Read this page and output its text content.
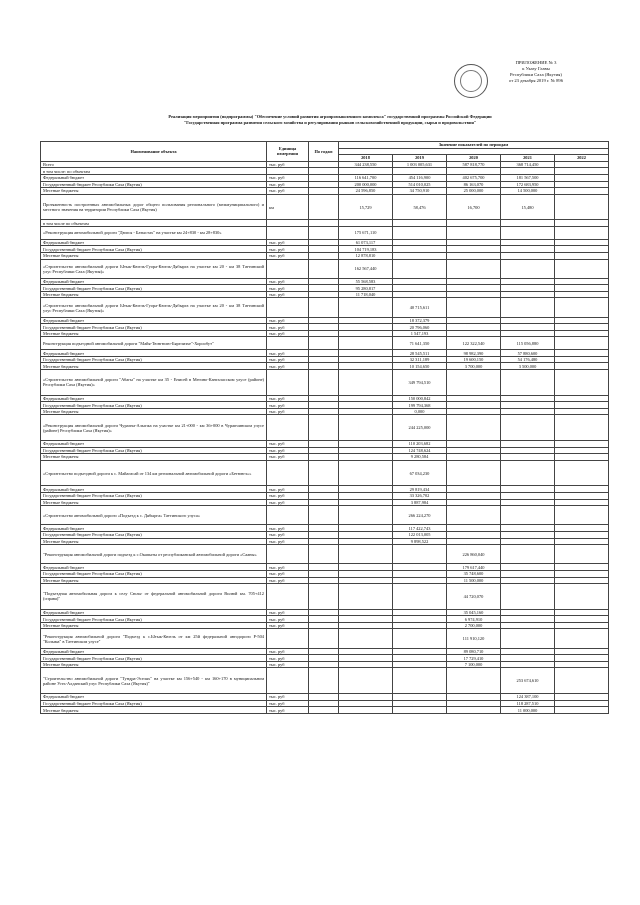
ПРИЛОЖЕНИЕ № 3
к Указу Главы
Республики Саха (Якутия)
от 23 декабря 2019 г. № 896
Реализация мероприятия (подпрограммы) "Обеспечение условий развития агропромышленного комплекса" государственной программы Российской Федерации "Государственная программа развития сельского хозяйства и регулирования рынков сельскохозяйственной продукции, сырья и продовольствия"
Наименование объекта	Единица измерения	По годам	Значение показателей по периодам				

			2018	2019	2020	2021	2022
Всего	тыс. руб		344 238,550	1 003 005,631	587 818,770	368 714,450	
в том числе: по объектам							
Федеральный бюджет	тыс. руб		116 641,700	454 116,900	402 675,700	181 567,500	
Государственный бюджет Республики Саха (Якутия)	тыс. руб		200 000,000	514 010,025	86 163,070	172 683,950	
Местные бюджеты	тыс. руб		24 596,850	34 750,910	25 000,000	14 500,000	
Протяженность построенных автомобильных дорог общего пользования регионального (межмуниципального) и местного значения на территории Республики Саха (Якутия)	км		15,729	58,476	16,700	15,480	
в том числе по объектам							
«Реконструкция автомобильной дороги "Дюпся - Батыстах" на участке км 24+830 - км 28+830»			175 671,110				
Федеральный бюджет	тыс. руб		61 073,117				
Государственный бюджет Республики Саха (Якутия)	тыс. руб		104 719,183				
Местные бюджеты	тыс. руб		12 878,810				
«Строительство автомобильной дороги Ытык-Кюель-Гуора-Кюель-Дябырга на участке км 20 - км 38 Таттинский улус Республики Саха (Якутия)»			162 567,440				
Федеральный бюджет	тыс. руб		55 568,583				
Государственный бюджет Республики Саха (Якутия)	тыс. руб		95 280,817				
Местные бюджеты	тыс. руб		11 718,040				
«Строительство автомобильной дороги Ытык-Кюель-Гуора-Кюель-Дябырга на участке км 20 - км 38 Таттинский улус Республики Саха (Якутия)»				40 715,611			
Федеральный бюджет	тыс. руб			18 372,379			
Государственный бюджет Республики Саха (Якутия)	тыс. руб			20 796,060			
Местные бюджеты	тыс. руб			1 547,193			
Реконструкция подъездной автомобильной дороги "Майя-Тюнгюлю-Бярелиэхе"-Хорообут"				71 641,350	122 322,540	115 056,880	
Федеральный бюджет	тыс. руб			28 545,511	98 982,390	57 880,600	
Государственный бюджет Республики Саха (Якутия)	тыс. руб			32 311,189	19 600,150	54 176,480	
Местные бюджеты	тыс. руб			10 154,650	3 700,000	3 500,000	
«Строительство автомобильной дороги "Абагы" на участке км 35 - Енисей в Мегино-Кангаласском улусе (районе) Республики Саха (Якутия)»				349 794,510			
Федеральный бюджет	тыс. руб			150 000,842			
Государственный бюджет Республики Саха (Якутия)	тыс. руб			199 794,368			
Местные бюджеты	тыс. руб			0,000			
«Реконструкция автомобильной дороги Чурапча-Алыгжа на участке км 21+000 - км 36+000 в Чурапчинском улусе (районе) Республики Саха (Якутия)»				244 225,000			
Федеральный бюджет	тыс. руб			110 203,682			
Государственный бюджет Республики Саха (Якутия)	тыс. руб			124 748,624			
Местные бюджеты	тыс. руб			9 280,584			
«Строительство подъездной дороги к с. Майагасай от 134 км региональной автомобильной дороги «Бетюнгэ»»				67 034,230			
Федеральный бюджет	тыс. руб			29 819,434			
Государственный бюджет Республики Саха (Якутия)	тыс. руб			33 326,702			
Местные бюджеты	тыс. руб			3 887,984			
«Строительство автомобильной дороги «Подъезд к с. Дябырга» Таттинского улуса»				266 224,270			
Федеральный бюджет	тыс. руб			117 422,743			
Государственный бюджет Республики Саха (Якутия)	тыс. руб			122 013,005			
Местные бюджеты	тыс. руб			9 898,522			
"Реконструкция автомобильной дороги подъезд к с.Окапыты от республиканской автомобильной дороги «Сааны»					226 860,040		
Федеральный бюджет	тыс. руб				179 617,440		
Государственный бюджет Республики Саха (Якутия)	тыс. руб				35 748,600		
Местные бюджеты	тыс. руб				11 500,000		
"Подъездная автомобильная дорога к селу Сюльг от федеральной автомобильной дороги Вилюй км. 705+412 (справа)"					44 720,070		
Федеральный бюджет	тыс. руб				35 045,160		
Государственный бюджет Республики Саха (Якутия)	тыс. руб				6 974,910		
Местные бюджеты	тыс. руб				2 700,000		
"Реконструкция автомобильной дороги "Подъезд к с.Ытык-Кюель от км 25й федеральной автодороги Р-504 "Колыма" в Таттинском улусе"					111 910,120		
Федеральный бюджет	тыс. руб				89 080,710		
Государственный бюджет Республики Саха (Якутия)	тыс. руб				17 729,410		
Местные бюджеты	тыс. руб				7 100,000		
"Строительство автомобильной дороги "Тундра-Эселях" на участке км 156+540 - км 160+170 в муниципальном районе Усть-Алданский улус Республики Саха (Якутия)"						253 674,610	
Федеральный бюджет	тыс. руб					124 387,100	
Государственный бюджет Республики Саха (Якутия)	тыс. руб					118 287,510	
Местные бюджеты	тыс. руб					11 000,000	
